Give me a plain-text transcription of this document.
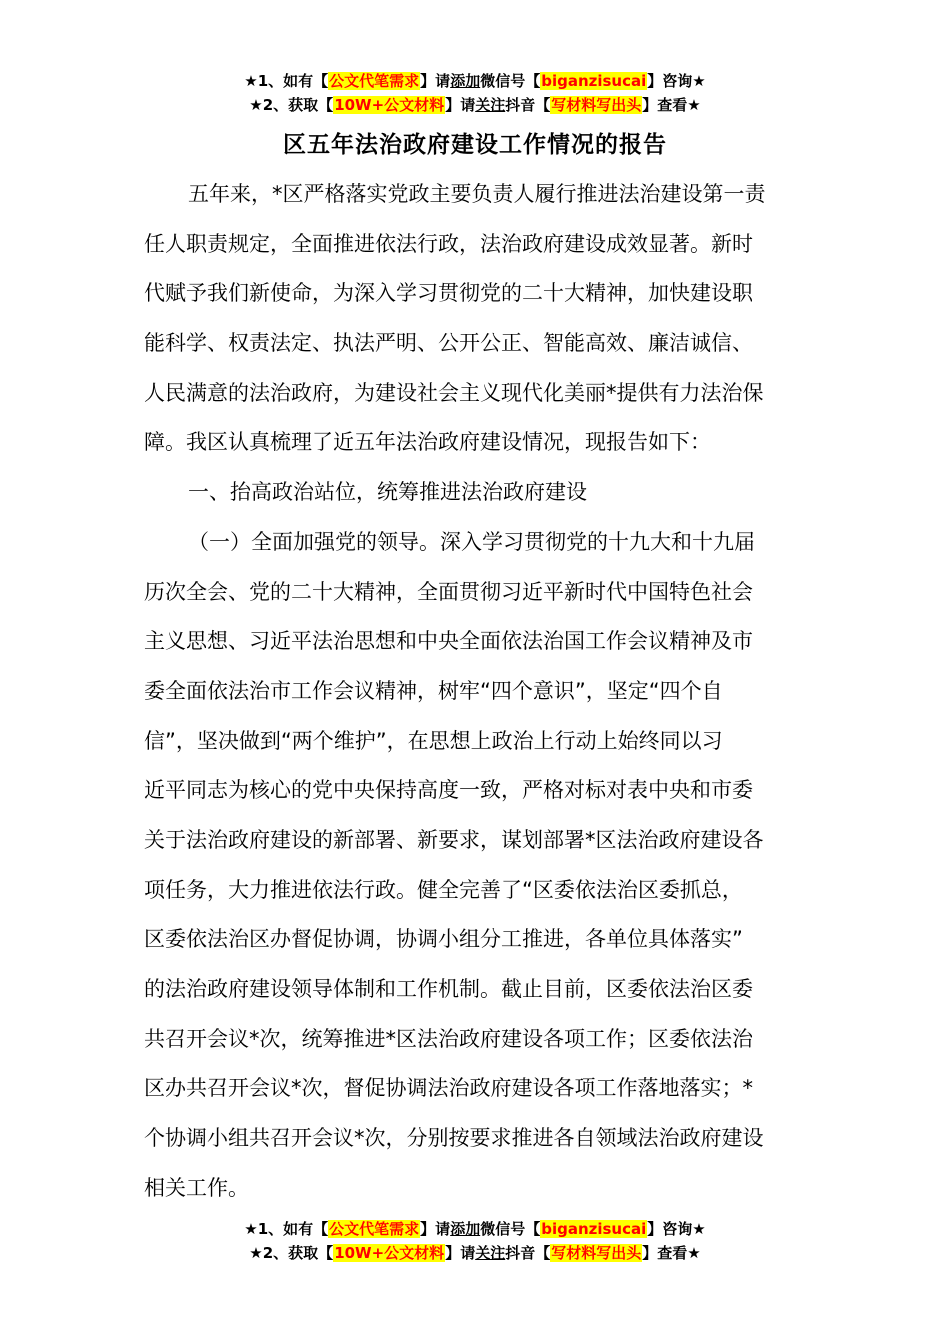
★1、如有【公文代笔需求】请添加微信号【biganzisucai】咨询★
★2、获取【10W+公文材料】请关注抖音【写材料写出头】查看★
区五年法治政府建设工作情况的报告
五年来，*区严格落实党政主要负责人履行推进法治建设第一责
任人职责规定，全面推进依法行政，法治政府建设成效显著。新时
代赋予我们新使命，为深入学习贯彻党的二十大精神，加快建设职
能科学、权责法定、执法严明、公开公正、智能高效、廉洁诚信、
人民满意的法治政府，为建设社会主义现代化美丽*提供有力法治保
障。我区认真梳理了近五年法治政府建设情况，现报告如下：
一、抬高政治站位，统筹推进法治政府建设
（一）全面加强党的领导。深入学习贯彻党的十九大和十九届
历次全会、党的二十大精神，全面贯彻习近平新时代中国特色社会
主义思想、习近平法治思想和中央全面依法治国工作会议精神及市
委全面依法治市工作会议精神，树牢“四个意识”，坚定“四个自
信”，坚决做到“两个维护”，在思想上政治上行动上始终同以习
近平同志为核心的党中央保持高度一致，严格对标对表中央和市委
关于法治政府建设的新部署、新要求，谋划部署*区法治政府建设各
项任务，大力推进依法行政。健全完善了“区委依法治区委抓总，
区委依法治区办督促协调，协调小组分工推进，各单位具体落实”
的法治政府建设领导体制和工作机制。截止目前，区委依法治区委
共召开会议*次，统筹推进*区法治政府建设各项工作；区委依法治
区办共召开会议*次，督促协调法治政府建设各项工作落地落实；*
个协调小组共召开会议*次，分别按要求推进各自领域法治政府建设
相关工作。
★1、如有【公文代笔需求】请添加微信号【biganzisucai】咨询★
★2、获取【10W+公文材料】请关注抖音【写材料写出头】查看★
